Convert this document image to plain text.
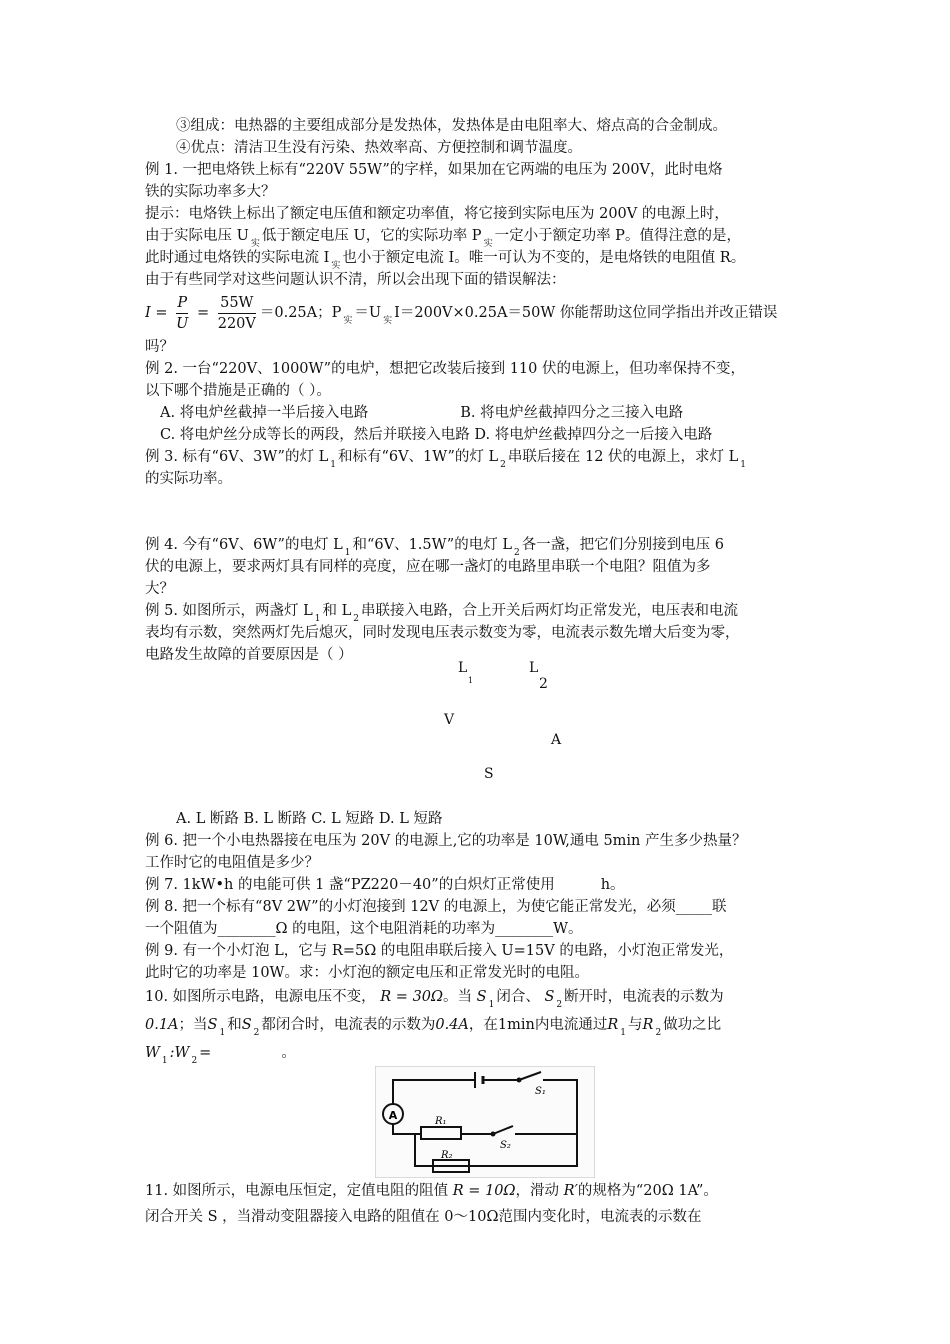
③组成：电热器的主要组成部分是发热体，发热体是由电阻率大、熔点高的合金制成。
④优点：清洁卫生没有污染、热效率高、方便控制和调节温度。
例 1. 一把电烙铁上标有“220V 55W”的字样，如果加在它两端的电压为 200V，此时电烙
铁的实际功率多大？
提示：电烙铁上标出了额定电压值和额定功率值，将它接到实际电压为 200V 的电源上时，
由于实际电压 U $_实$ 低于额定电压 U，它的实际功率 P $_实$ 一定小于额定功率 P。值得注意的是，
此时通过电烙铁的实际电流 I $_实$ 也小于额定电流 I。唯一可认为不变的，是电烙铁的电阻值 R。
由于有些同学对这些问题认识不清，所以会出现下面的错误解法：
$I = \frac{P}{U} = \frac{55W}{220V} =0.25A$；P $_实$ ＝U $_实$ I＝200V×0.25A＝50W 你能帮助这位同学指出并改正错误
吗？
例 2. 一台“220V、1000W”的电炉，想把它改装后接到 110 伏的电源上，但功率保持不变，
以下哪个措施是正确的（ ）。
A. 将电炉丝截掉一半后接入电路	B. 将电炉丝截掉四分之三接入电路
C. 将电炉丝分成等长的两段，然后并联接入电路 D. 将电炉丝截掉四分之一后接入电路
例 3. 标有“6V、3W”的灯 L $_1$ 和标有“6V、1W”的灯 L $_2$ 串联后接在 12 伏的电源上，求灯 L $_1$
的实际功率。
例 4. 今有“6V、6W”的电灯 L $_1$ 和“6V、1.5W”的电灯 L $_2$ 各一盏，把它们分别接到电压 6
伏的电源上，要求两灯具有同样的亮度，应在哪一盏灯的电路里串联一个电阻？阻值为多
大？
例 5. 如图所示，两盏灯 L $_1$ 和 L $_2$ 串联接入电路，合上开关后两灯均正常发光，电压表和电流
表均有示数，突然两灯先后熄灭，同时发现电压表示数变为零，电流表示数先增大后变为零，
电路发生故障的首要原因是（ ）
L
1
L
2
V
A
S
A. L 断路 B. L 断路 C. L 短路 D. L 短路
例 6. 把一个小电热器接在电压为 20V 的电源上,它的功率是 10W,通电 5min 产生多少热量？
工作时它的电阻值是多少？
例 7. 1kW•h 的电能可供 1 盏“PZ220－40”的白炽灯正常使用	h。
例 8. 把一个标有“8V 2W”的小灯泡接到 12V 的电源上，为使它能正常发光，必须_____联
一个阻值为________Ω 的电阻，这个电阻消耗的功率为________W。
例 9. 有一个小灯泡 L，它与 R=5Ω 的电阻串联后接入 U=15V 的电路，小灯泡正常发光，
此时它的功率是 10W。求：小灯泡的额定电压和正常发光时的电阻。
10. 如图所示电路，电源电压不变， R = 30Ω。当 S $_1$ 闭合、 S $_2$ 断开时，电流表的示数为
0.1A；当S $_1$ 和S $_2$ 都闭合时，电流表的示数为0.4A，在1min内电流通过R $_1$ 与R $_2$ 做功之比
W $_1$ :W $_2$ =	。
A	R₁
R₂
S₁
S₂
11. 如图所示，电源电压恒定，定值电阻的阻值 R = 10Ω，滑动 R′的规格为“20Ω 1A”。
闭合开关 S ，当滑动变阻器接入电路的阻值在 0～10Ω范围内变化时，电流表的示数在
